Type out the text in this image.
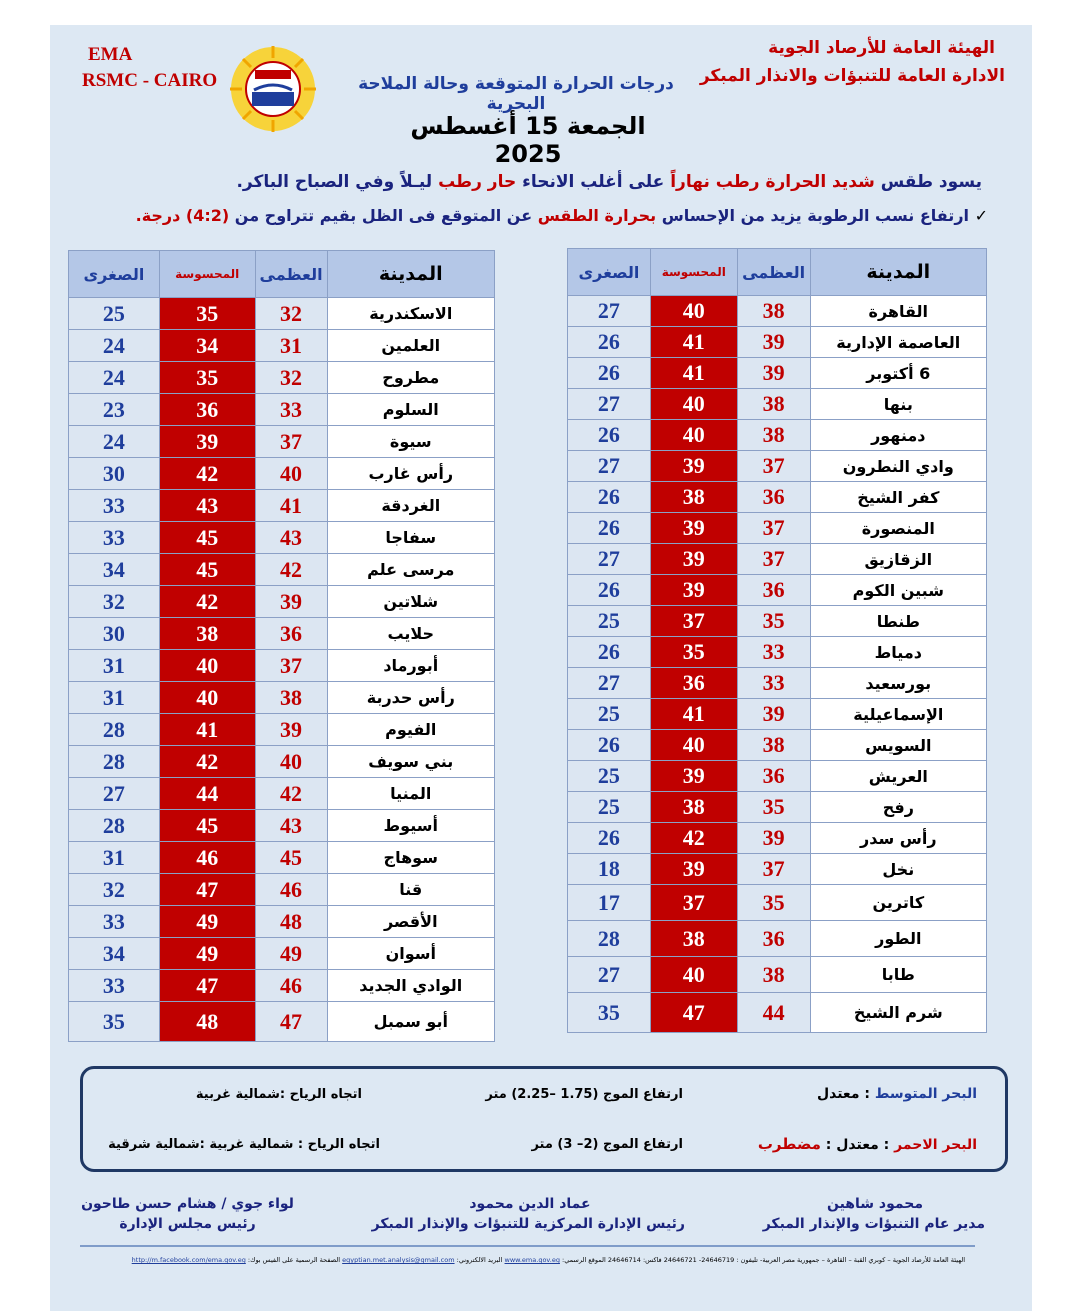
EMA
RSMC - CAIRO
الهيئة العامة للأرصاد الجوية
الادارة العامة للتنبؤات والانذار المبكر
درجات الحرارة المتوقعة وحالة الملاحة البحرية
الجمعة 15 أغسطس 2025
يسود طقس شديد الحرارة رطب نهاراً على أغلب الانحاء حار رطب ليـلاً وفي الصباح الباكر.
✓ ارتفاع نسب الرطوبة يزيد من الإحساس بحرارة الطقس عن المتوقع فى الظل بقيم تتراوح من (4:2) درجة.
الصغرى	المحسوسة	العظمى	المدينة
27	40	38	القاهرة
26	41	39	العاصمة الإدارية
26	41	39	6 أكتوبر
27	40	38	بنها
26	40	38	دمنهور
27	39	37	وادي النطرون
26	38	36	كفر الشيخ
26	39	37	المنصورة
27	39	37	الزقازيق
26	39	36	شبين الكوم
25	37	35	طنطا
26	35	33	دمياط
27	36	33	بورسعيد
25	41	39	الإسماعيلية
26	40	38	السويس
25	39	36	العريش
25	38	35	رفح
26	42	39	رأس سدر
18	39	37	نخل
17	37	35	كاترين
28	38	36	الطور
27	40	38	طابا
35	47	44	شرم الشيخ
الصغرى	المحسوسة	العظمى	المدينة
25	35	32	الاسكندرية
24	34	31	العلمين
24	35	32	مطروح
23	36	33	السلوم
24	39	37	سيوة
30	42	40	رأس غارب
33	43	41	الغردقة
33	45	43	سفاجا
34	45	42	مرسى علم
32	42	39	شلاتين
30	38	36	حلايب
31	40	37	أبورماد
31	40	38	رأس حدربة
28	41	39	الفيوم
28	42	40	بني سويف
27	44	42	المنيا
28	45	43	أسيوط
31	46	45	سوهاج
32	47	46	قنا
33	49	48	الأقصر
34	49	49	أسوان
33	47	46	الوادي الجديد
35	48	47	أبو سمبل
البحر المتوسط : معتدل
ارتفاع الموج (1.75 –2.25) متر
اتجاه الرياح :شمالية غربية
البحر الاحمر : معتدل : مضطرب
ارتفاع الموج (2– 3) متر
اتجاه الرياح : شمالية غربية :شمالية شرقية
محمود شاهين
مدير عام التنبؤات والإنذار المبكر
عماد الدين محمود
رئيس الإدارة المركزية للتنبؤات والإنذار المبكر
لواء جوي / هشام حسن طاحون
رئيس مجلس الإدارة
الهيئة العامة للأرصاد الجوية – كوبري القبة – القاهرة – جمهورية مصر العربية- تليفون : 24646719- 24646721 فاكس: 24646714 الموقع الرسمي: www.ema.gov.eg البريد الالكتروني: egyptian.met.analysis@gmail.com الصفحة الرسمية على الفيس بوك: http://m.facebook.com/ema.gov.eg
